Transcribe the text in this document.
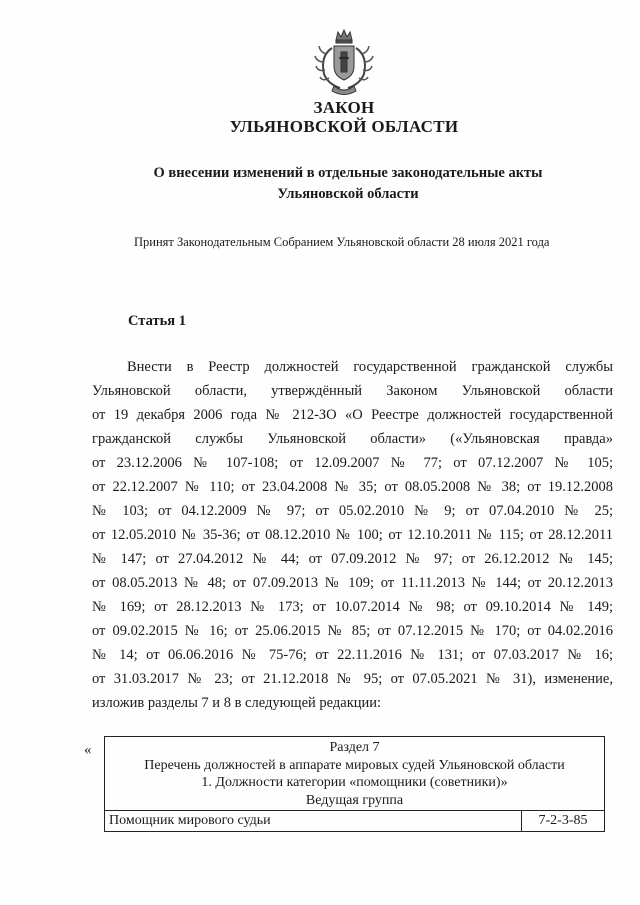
ЗАКОН
УЛЬЯНОВСКОЙ ОБЛАСТИ
О внесении изменений в отдельные законодательные акты
Ульяновской области
Принят Законодательным Собранием Ульяновской области 28 июля 2021 года
Статья 1
Внести в Реестр должностей государственной гражданской службы
Ульяновской области, утверждённый Законом Ульяновской области
от 19 декабря 2006 года № 212-ЗО «О Реестре должностей государственной
гражданской службы Ульяновской области» («Ульяновская правда»
от 23.12.2006 № 107-108; от 12.09.2007 № 77; от 07.12.2007 № 105;
от 22.12.2007 № 110; от 23.04.2008 № 35; от 08.05.2008 № 38; от 19.12.2008
№ 103; от 04.12.2009 № 97; от 05.02.2010 № 9; от 07.04.2010 № 25;
от 12.05.2010 № 35-36; от 08.12.2010 № 100; от 12.10.2011 № 115; от 28.12.2011
№ 147; от 27.04.2012 № 44; от 07.09.2012 № 97; от 26.12.2012 № 145;
от 08.05.2013 № 48; от 07.09.2013 № 109; от 11.11.2013 № 144; от 20.12.2013
№ 169; от 28.12.2013 № 173; от 10.07.2014 № 98; от 09.10.2014 № 149;
от 09.02.2015 № 16; от 25.06.2015 № 85; от 07.12.2015 № 170; от 04.02.2016
№ 14; от 06.06.2016 № 75-76; от 22.11.2016 № 131; от 07.03.2017 № 16;
от 31.03.2017 № 23; от 21.12.2018 № 95; от 07.05.2021 № 31), изменение,
изложив разделы 7 и 8 в следующей редакции:
«	Раздел 7
Перечень должностей в аппарате мировых судей Ульяновской области
1. Должности категории «помощники (советники)»
Ведущая группа
Помощник мирового судьи	7-2-3-85
